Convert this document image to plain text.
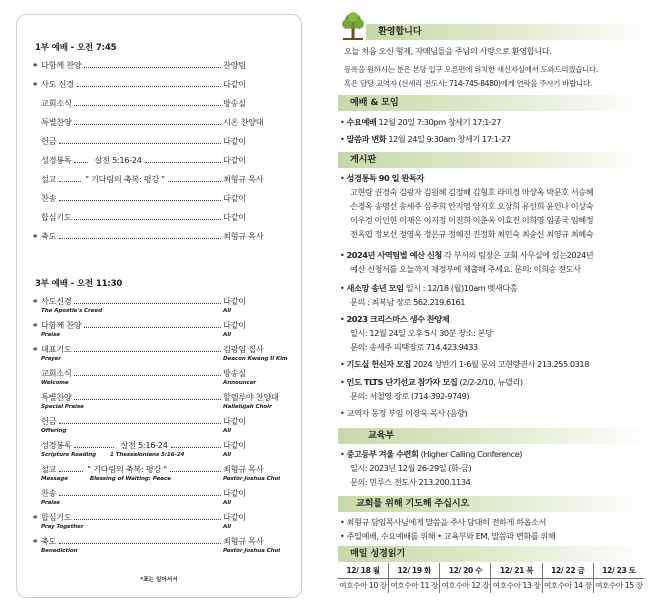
1부 예배 - 오전 7:45
* 다함께 찬양	찬양팀
* 사도 신경	다같이
교회소식	방송실
특별찬양	시온 찬양대
헌금	다같이
성경봉독	살전 5:16-24	다같이
설교	" 기다림의 축복: 평강 "	최형규 목사
찬송	다같이
합심기도	다같이
* 축도	최형규 목사
3부 예배 - 오전 11:30
* 사도신경	다같이
The Apostle's Creed	All
* 다함께 찬양	다같이
Praise	All
* 대표기도	김광임 집사
Prayer	Deacon Kwang Il Kim
교회소식	방송실
Welcome	Announcer
특별찬양	할렐루야 찬양대
Special Praise	Hallelujah Choir
헌금	다같이
Offering	All
성경봉독	살전 5:16-24	다같이
Scripture Reading	1 Thessalonians 5:16-24	All
설교	" 기다림의 축복: 평강 "	최형규 목사
Message	Blessing of Waiting: Peace	Pastor Joshua Choi
찬송	다같이
Praise	All
* 합심기도	다같이
Pray Together	All
* 축도	최형규 목사
Benediction	Pastor Joshua Choi
*표는 일어서서
환영합니다
오늘 처음 오신 형제, 자매님들을 주님의 사랑으로 환영합니다.
등록을 원하시는 분은 본당 입구 오른편에 위치한 새신자실에서 도와드리겠습니다.
혹은 담당 교역자 (선세리 전도사: 714-745-8480)에게 연락을 주시기 바랍니다.
예배 & 모임
• 수요예배 12월 20일 7:30pm 창세기 17:1-27
• 말씀과 변화 12월 24일 9:30am 창세기 17:1-27
게시판
• 성경통독 90 일 완독자
고현량 권경숙 김광자 김원혜 김정혜 김형호 라미경 마상옥 박문호 서승혜
손경옥 송명선 송세주 심주희 안지영 양지호 오상희 유선희 윤인나 이상숙
이우경 이인현 이재은 이지정 이진희 이춘옥 이효진 이희영 임종국 임혜정
전옥엽 정보선 정영옥 정은규 정혜진 진정화 최민숙 최숭신 최영규 최혜숙
• 2024년 사역팀별 예산 신청 각 부서의 팀장은 교회 사무실에 있는2024년
예산 신청서를 오늘까지 재정부에 제출해 주세요. 문의: 이희승 전도사
• 새소망 송년 모임 일시 : 12/18 (월)10am 벳새다홀
문의 : 최복남 장로 562.219.6161
• 2023 크리스마스 생수 찬양제
일시: 12월 24일 오후 5시 30분 장소: 본당
문의: 송세주 피택장로 714.423.9433
• 기도실 헌신자 모집 2024 상반기 1-6월 문의 고현량권사 213.255.0318
• 인도 TLTS 단기선교 참가자 모집 (2/2-2/10, 뉴델리)
문의: 서철영 장로 (714-392-9749)
• 교역자 동정 부임 이장욱 목사 (음향)
교육부
• 중고등부 겨울 수련회 (Higher Calling Conference)
일시: 2023년 12월 26-29일 (화-금)
문의: 민루스 전도사 213.200.1134
교회를 위해 기도해 주십시오
• 최형규 담임목사님에게 말씀을 주사 담대히 전하게 하옵소서
• 주일예배, 수요예배를 위해 • 교육부와 EM, 말씀과 변화를 위해
매일 성경읽기
12/ 18 월	12/ 19 화	12/ 20 수	12/ 21 목	12/ 22 금	12/ 23 토
여호수아 10 장	여호수아 11 장	여호수아 12 장	여호수아 13 장	여호수아 14 장	여호수아 15 장
